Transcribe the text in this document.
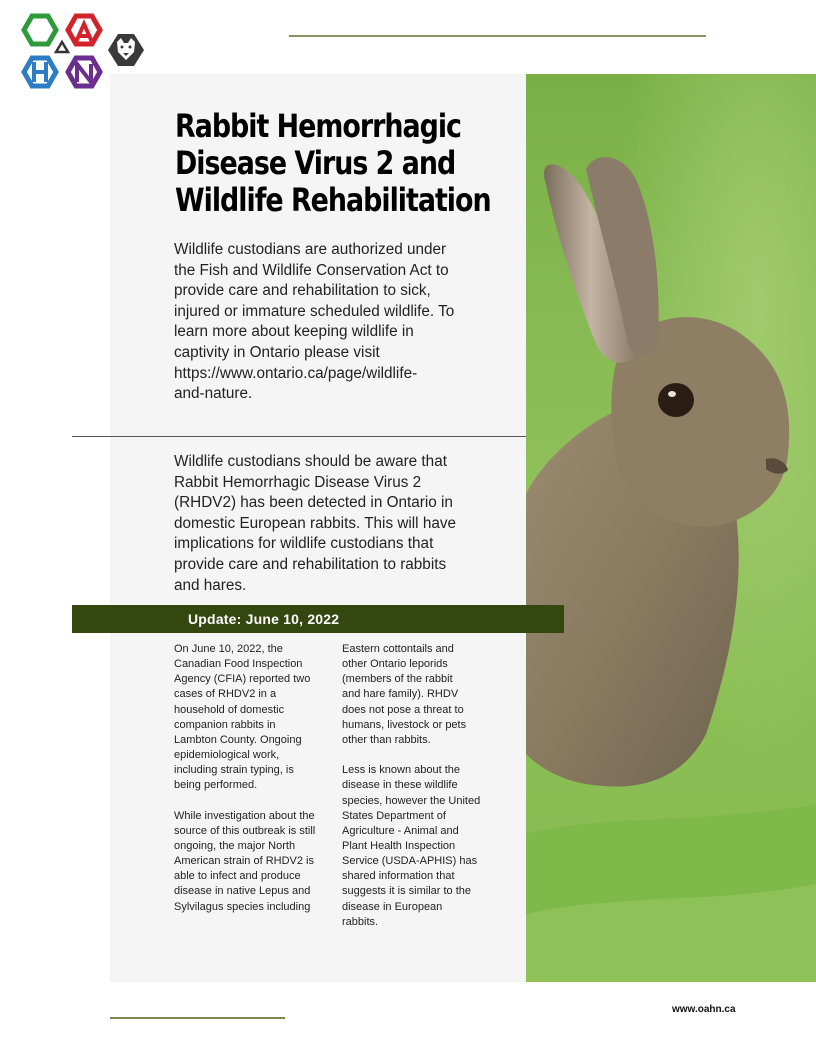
Rabbit Hemorrhagic
Disease Virus 2 and
Wildlife Rehabilitation
Wildlife custodians are authorized under
the Fish and Wildlife Conservation Act to
provide care and rehabilitation to sick,
injured or immature scheduled wildlife. To
learn more about keeping wildlife in
captivity in Ontario please visit
https://www.ontario.ca/page/wildlife-
and-nature.
Wildlife custodians should be aware that
Rabbit Hemorrhagic Disease Virus 2
(RHDV2) has been detected in Ontario in
domestic European rabbits. This will have
implications for wildlife custodians that
provide care and rehabilitation to rabbits
and hares.
Update: June 10, 2022
On June 10, 2022, the
Canadian Food Inspection
Agency (CFIA) reported two
cases of RHDV2 in a
household of domestic
companion rabbits in
Lambton County. Ongoing
epidemiological work,
including strain typing, is
being performed.
While investigation about the
source of this outbreak is still
ongoing, the major North
American strain of RHDV2 is
able to infect and produce
disease in native Lepus and
Sylvilagus species including
Eastern cottontails and
other Ontario leporids
(members of the rabbit
and hare family). RHDV
does not pose a threat to
humans, livestock or pets
other than rabbits.
Less is known about the
disease in these wildlife
species, however the United
States Department of
Agriculture - Animal and
Plant Health Inspection
Service (USDA-APHIS) has
shared information that
suggests it is similar to the
disease in European
rabbits.
www.oahn.ca
